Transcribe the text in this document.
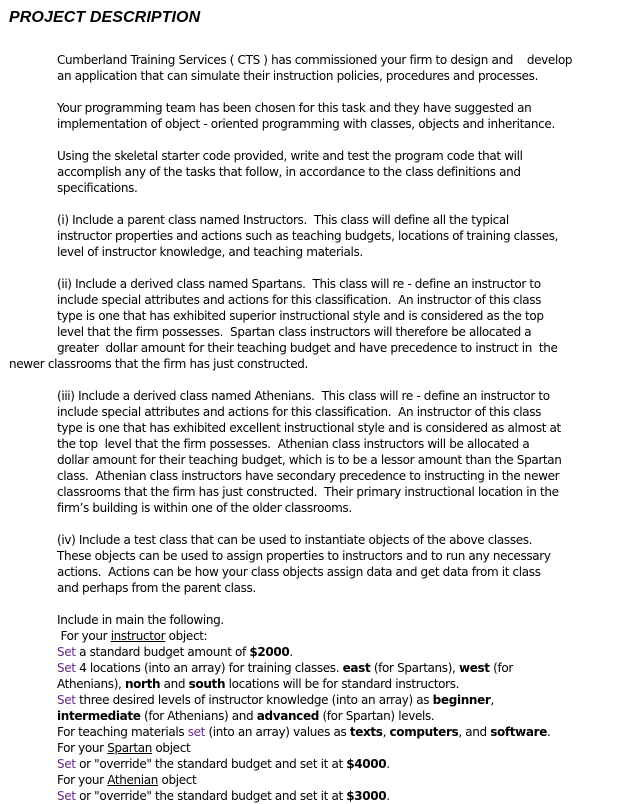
PROJECT DESCRIPTION
Cumberland Training Services ( CTS ) has commissioned your firm to design and    develop
an application that can simulate their instruction policies, procedures and processes.
Your programming team has been chosen for this task and they have suggested an
implementation of object - oriented programming with classes, objects and inheritance.
Using the skeletal starter code provided, write and test the program code that will
accomplish any of the tasks that follow, in accordance to the class definitions and
specifications.
(i) Include a parent class named Instructors.  This class will define all the typical
instructor properties and actions such as teaching budgets, locations of training classes,
level of instructor knowledge, and teaching materials.
(ii) Include a derived class named Spartans.  This class will re - define an instructor to
include special attributes and actions for this classification.  An instructor of this class
type is one that has exhibited superior instructional style and is considered as the top
level that the firm possesses.  Spartan class instructors will therefore be allocated a
greater  dollar amount for their teaching budget and have precedence to instruct in  the
newer classrooms that the firm has just constructed.
(iii) Include a derived class named Athenians.  This class will re - define an instructor to
include special attributes and actions for this classification.  An instructor of this class
type is one that has exhibited excellent instructional style and is considered as almost at
the top  level that the firm possesses.  Athenian class instructors will be allocated a
dollar amount for their teaching budget, which is to be a lessor amount than the Spartan
class.  Athenian class instructors have secondary precedence to instructing in the newer
classrooms that the firm has just constructed.  Their primary instructional location in the
firm’s building is within one of the older classrooms.
(iv) Include a test class that can be used to instantiate objects of the above classes.
These objects can be used to assign properties to instructors and to run any necessary
actions.  Actions can be how your class objects assign data and get data from it class
and perhaps from the parent class.
Include in main the following.
For your instructor object:
Set a standard budget amount of $2000.
Set 4 locations (into an array) for training classes. east (for Spartans), west (for
Athenians), north and south locations will be for standard instructors.
Set three desired levels of instructor knowledge (into an array) as beginner,
intermediate (for Athenians) and advanced (for Spartan) levels.
For teaching materials set (into an array) values as texts, computers, and software.
For your Spartan object
Set or "override" the standard budget and set it at $4000.
For your Athenian object
Set or "override" the standard budget and set it at $3000.
